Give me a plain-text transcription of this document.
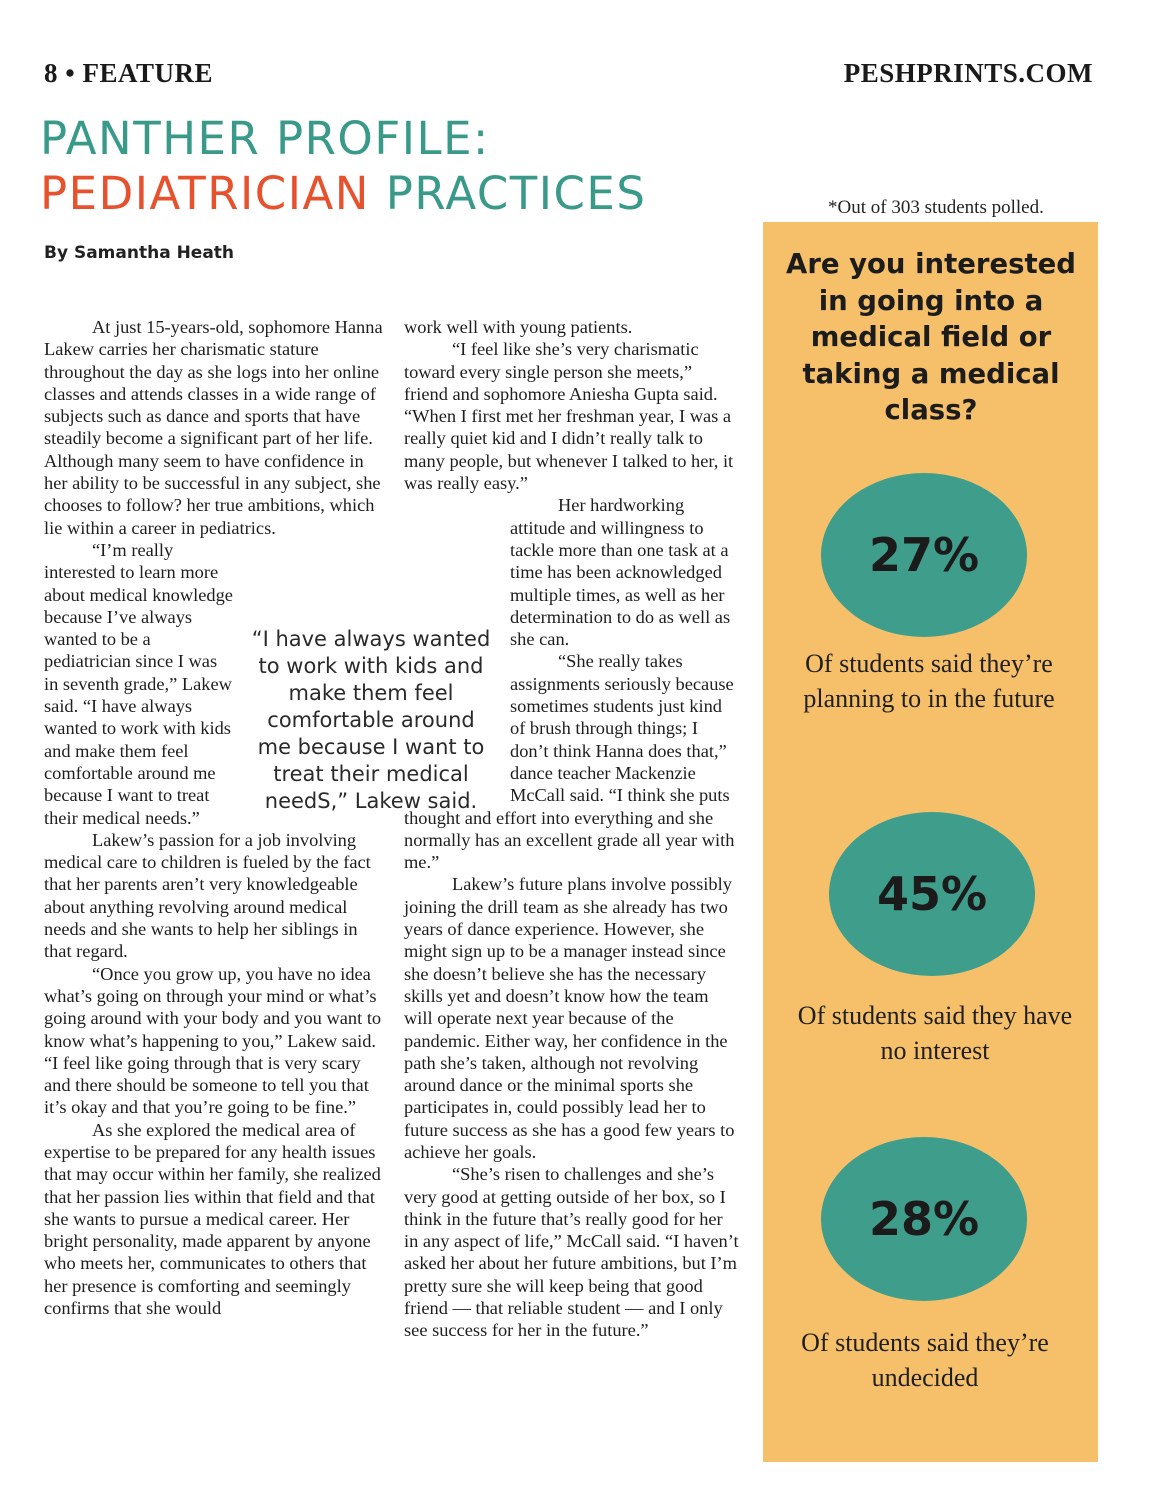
8 • FEATURE	PESHPRINTS.COM
PANTHER PROFILE:
PEDIATRICIAN PRACTICES
By Samantha Heath

At just 15-years-old, sophomore Hanna Lakew carries her charismatic stature throughout the day as she logs into her online classes and attends classes in a wide range of subjects such as dance and sports that have steadily become a significant part of her life. Although many seem to have confidence in her ability to be successful in any subject, she chooses to follow? her true ambitions, which lie within a career in pediatrics.

“I’m really interested to learn more about medical knowledge because I’ve always wanted to be a pediatrician since I was in seventh grade,” Lakew said. “I have always wanted to work with kids and make them feel comfortable around me because I want to treat their medical needs.”

Lakew’s passion for a job involving medical care to children is fueled by the fact that her parents aren’t very knowledgeable about anything revolving around medical needs and she wants to help her siblings in that regard.

“Once you grow up, you have no idea what’s going on through your mind or what’s going around with your body and you want to know what’s happening to you,” Lakew said. “I feel like going through that is very scary and there should be someone to tell you that it’s okay and that you’re going to be fine.”

As she explored the medical area of expertise to be prepared for any health issues that may occur within her family, she realized that her passion lies within that field and that she wants to pursue a medical career. Her bright personality, made apparent by anyone who meets her, communicates to others that her presence is comforting and seemingly confirms that she would

work well with young patients.

“I feel like she’s very charismatic toward every single person she meets,” friend and sophomore Aniesha Gupta said. “When I first met her freshman year, I was a really quiet kid and I didn’t really talk to many people, but whenever I talked to her, it was really easy.”

Her hardworking attitude and willingness to tackle more than one task at a time has been acknowledged multiple times, as well as her determination to do as well as she can.

“She really takes assignments seriously because sometimes students just kind of brush through things; I don’t think Hanna does that,” dance teacher Mackenzie McCall said. “I think she puts thought and effort into everything and she normally has an excellent grade all year with me.”

Lakew’s future plans involve possibly joining the drill team as she already has two years of dance experience. However, she might sign up to be a manager instead since she doesn’t believe she has the necessary skills yet and doesn’t know how the team will operate next year because of the pandemic. Either way, her confidence in the path she’s taken, although not revolving around dance or the minimal sports she participates in, could possibly lead her to future success as she has a good few years to achieve her goals.

“She’s risen to challenges and she’s very good at getting outside of her box, so I think in the future that’s really good for her in any aspect of life,” McCall said. “I haven’t asked her about her future ambitions, but I’m pretty sure she will keep being that good friend — that reliable student — and I only see success for her in the future.”

“I have always wanted to work with kids and make them feel comfortable around me because I want to treat their medical needS,” Lakew said.
*Out of 303 students polled.
Are you interested in going into a medical field or taking a medical class?
27%
Of students said they’re planning to in the future
45%
Of students said they have no interest
28%
Of students said they’re undecided
